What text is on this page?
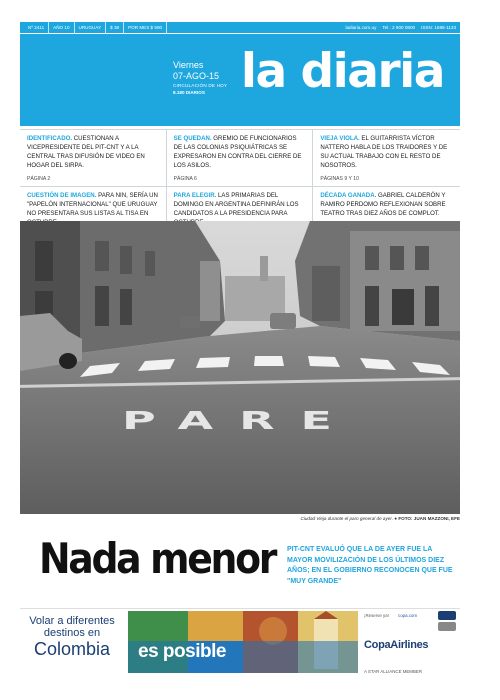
Nº 2411	AÑO 10	URUGUAY	$ 38	POR MES $ 590	ladiaria.com.uy Tel.: 2 900 0800 ISSN: 1688-1133
Viernes
07-AGO-15
CIRCULACIÓN DE HOY
8.180 DIARIOS la diaria

IDENTIFICADO. CUESTIONAN A VICEPRESIDENTE DEL PIT-CNT Y A LA CENTRAL TRAS DIFUSIÓN DE VIDEO EN HOGAR DEL SIRPA.

PÁGINA 2

SE QUEDAN. GREMIO DE FUNCIONARIOS DE LAS COLONIAS PSIQUIÁTRICAS SE EXPRESARON EN CONTRA DEL CIERRE DE LOS ASILOS.

PÁGINA 6

VIEJA VIOLA. EL GUITARRISTA VÍCTOR NATTERO HABLA DE LOS TRAIDORES Y DE SU ACTUAL TRABAJO CON EL RESTO DE NOSOTROS.

PÁGINAS 9 Y 10

CUESTIÓN DE IMAGEN. PARA NIN, SERÍA UN "PAPELÓN INTERNACIONAL" QUE URUGUAY NO PRESENTARA SUS LISTAS AL TISA EN

PARA ELEGIR. LAS PRIMARIAS DEL DOMINGO EN ARGENTINA DEFINIRÁN LOS CANDIDATOS A LA PRESIDENCIA PARA

DÉCADA GANADA. GABRIEL CALDERÓN Y RAMIRO PERDOMO REFLEXIONAN SOBRE TEATRO TRAS DIEZ AÑOS DE COMPLOT.

PARE
Ciudad Vieja durante el paro general de ayer. ● FOTO: JUAN MAZZONI, EFE
Nada menor PIT-CNT EVALUÓ QUE LA DE AYER FUE LA MAYOR MOVILIZACIÓN DE LOS ÚLTIMOS DIEZ AÑOS; EN EL GOBIERNO RECONOCEN QUE FUE "MUY GRANDE"
Volar a diferentes
destinos en
Colombia	es posible
¡Reserve ya! copa.com
CopaAirlines
A STAR ALLIANCE MEMBER
